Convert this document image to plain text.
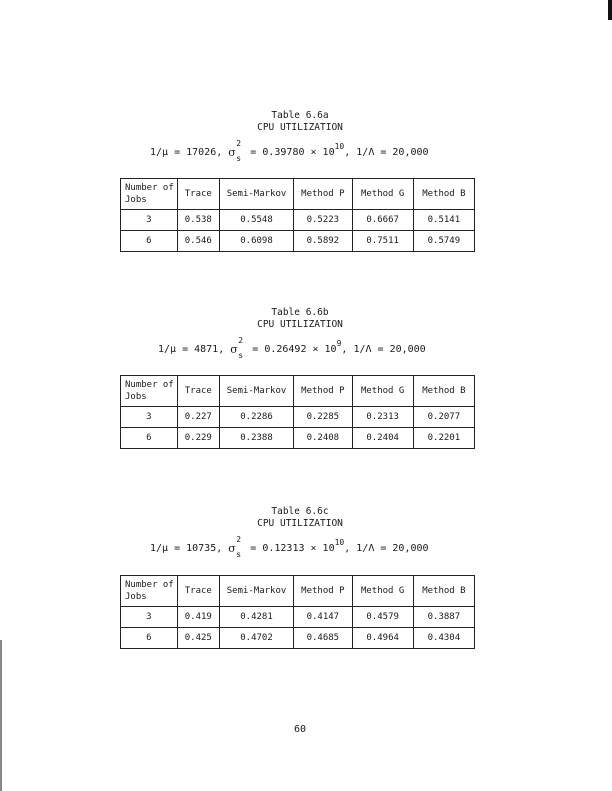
Table 6.6a
CPU UTILIZATION
1/μ = 17026, σ
2
s
= $0.39780 \times 10^{10}$, 1/Λ = 20,000
Number of Jobs	Trace	Semi-Markov	Method P	Method G	Method B
3	0.538	0.5548	0.5223	0.6667	0.5141
6	0.546	0.6098	0.5892	0.7511	0.5749
Table 6.6b
CPU UTILIZATION
1/μ = 4871, σ
2
s
= $0.26492 \times 10^9$, 1/Λ = 20,000
Number of Jobs	Trace	Semi-Markov	Method P	Method G	Method B
3	0.227	0.2286	0.2285	0.2313	0.2077
6	0.229	0.2388	0.2408	0.2404	0.2201
Table 6.6c
CPU UTILIZATION
1/μ = 10735, σ
2
s
= $0.12313 \times 10^{10}$, 1/Λ = 20,000
Number of Jobs	Trace	Semi-Markov	Method P	Method G	Method B
3	0.419	0.4281	0.4147	0.4579	0.3887
6	0.425	0.4702	0.4685	0.4964	0.4304
60
